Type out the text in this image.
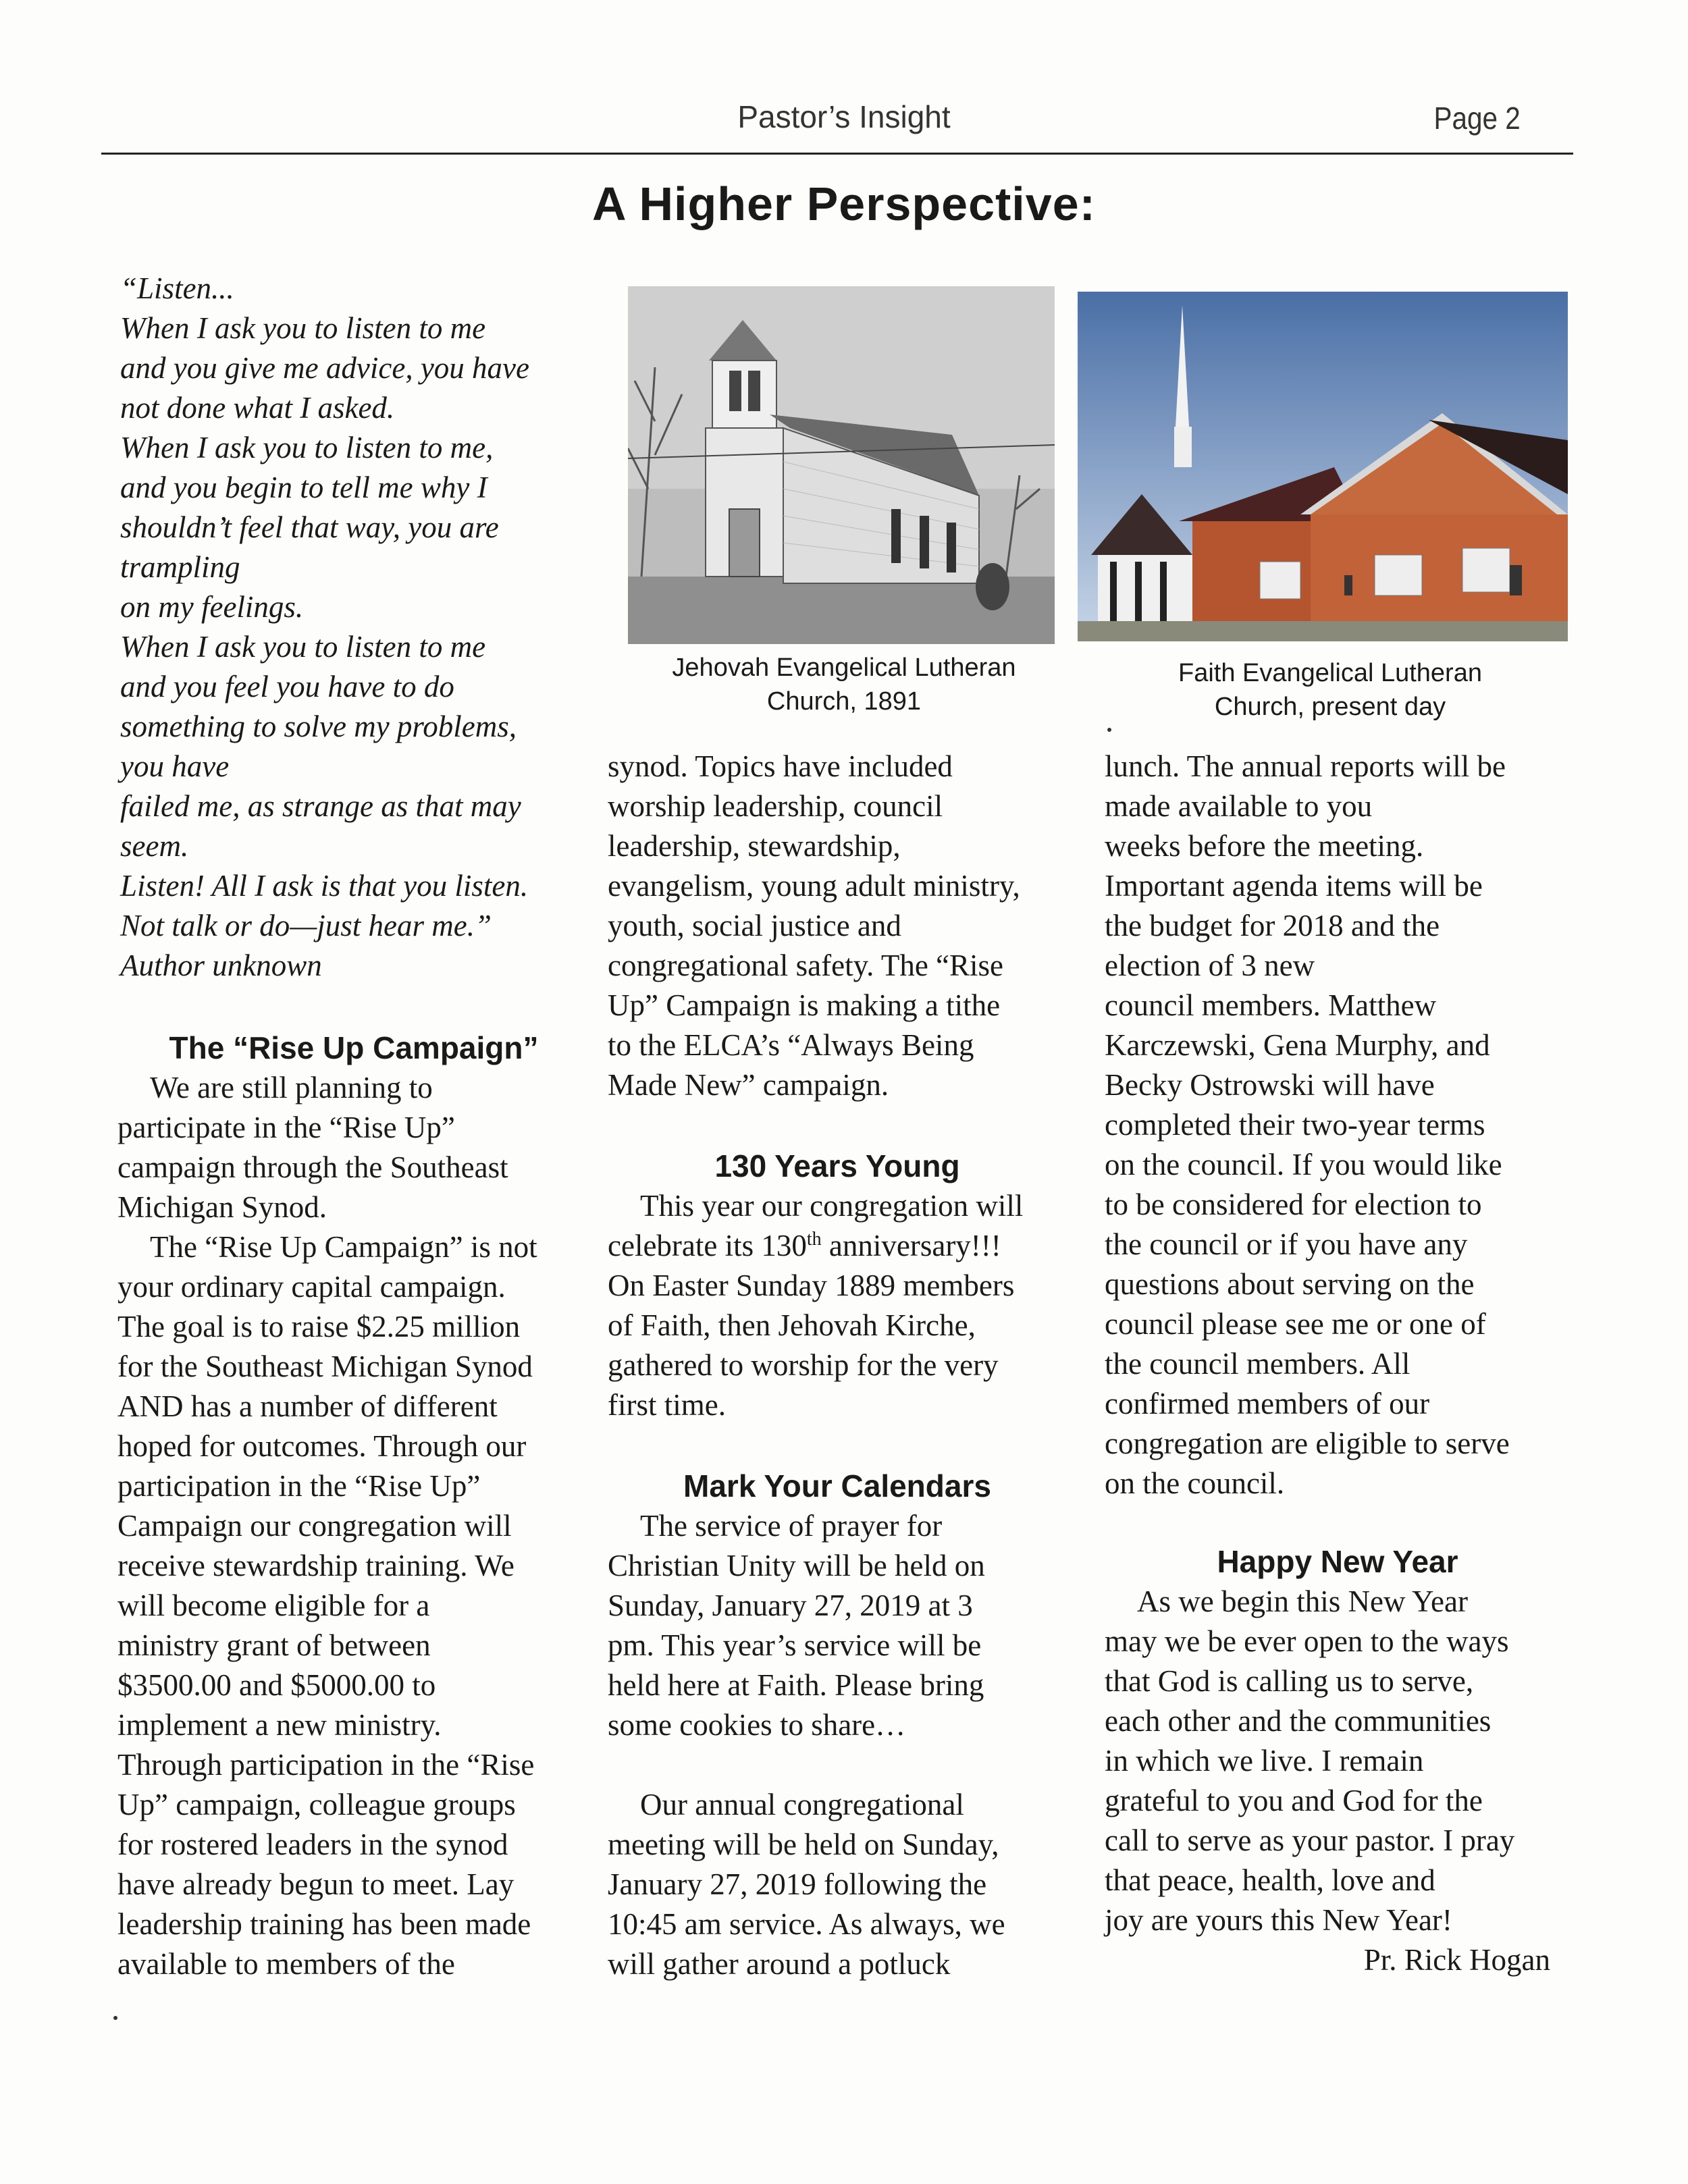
Pastor’s Insight	Page 2
A Higher Perspective:
“Listen...
When I ask you to listen to me
and you give me advice, you have
not done what I asked.
When I ask you to listen to me,
and you begin to tell me why I
shouldn’t feel that way, you are
trampling
on my feelings.
When I ask you to listen to me
and you feel you have to do
something to solve my problems,
you have
failed me, as strange as that may
seem.
Listen! All I ask is that you listen.
Not talk or do—just hear me.”
Author unknown
Jehovah Evangelical Lutheran
Church, 1891
Faith Evangelical Lutheran
Church, present day

The “Rise Up Campaign”

We are still planning to
participate in the “Rise Up”
campaign through the Southeast
Michigan Synod.
The “Rise Up Campaign” is not
your ordinary capital campaign.
The goal is to raise $2.25 million
for the Southeast Michigan Synod
AND has a number of different
hoped for outcomes. Through our
participation in the “Rise Up”
Campaign our congregation will
receive stewardship training. We
will become eligible for a
ministry grant of between
$3500.00 and $5000.00 to
implement a new ministry.
Through participation in the “Rise
Up” campaign, colleague groups
for rostered leaders in the synod
have already begun to meet. Lay
leadership training has been made
available to members of the
synod. Topics have included
worship leadership, council
leadership, stewardship,
evangelism, young adult ministry,
youth, social justice and
congregational safety. The “Rise
Up” Campaign is making a tithe
to the ELCA’s “Always Being
Made New” campaign.

130 Years Young

This year our congregation will
celebrate its 130th anniversary!!!
On Easter Sunday 1889 members
of Faith, then Jehovah Kirche,
gathered to worship for the very
first time.

Mark Your Calendars

The service of prayer for
Christian Unity will be held on
Sunday, January 27, 2019 at 3
pm. This year’s service will be
held here at Faith. Please bring
some cookies to share…
Our annual congregational
meeting will be held on Sunday,
January 27, 2019 following the
10:45 am service. As always, we
will gather around a potluck
lunch. The annual reports will be
made available to you
weeks before the meeting.
Important agenda items will be
the budget for 2018 and the
election of 3 new
council members. Matthew
Karczewski, Gena Murphy, and
Becky Ostrowski will have
completed their two-year terms
on the council. If you would like
to be considered for election to
the council or if you have any
questions about serving on the
council please see me or one of
the council members. All
confirmed members of our
congregation are eligible to serve
on the council.

Happy New Year

As we begin this New Year
may we be ever open to the ways
that God is calling us to serve,
each other and the communities
in which we live. I remain
grateful to you and God for the
call to serve as your pastor. I pray
that peace, health, love and
joy are yours this New Year!
Pr. Rick Hogan
